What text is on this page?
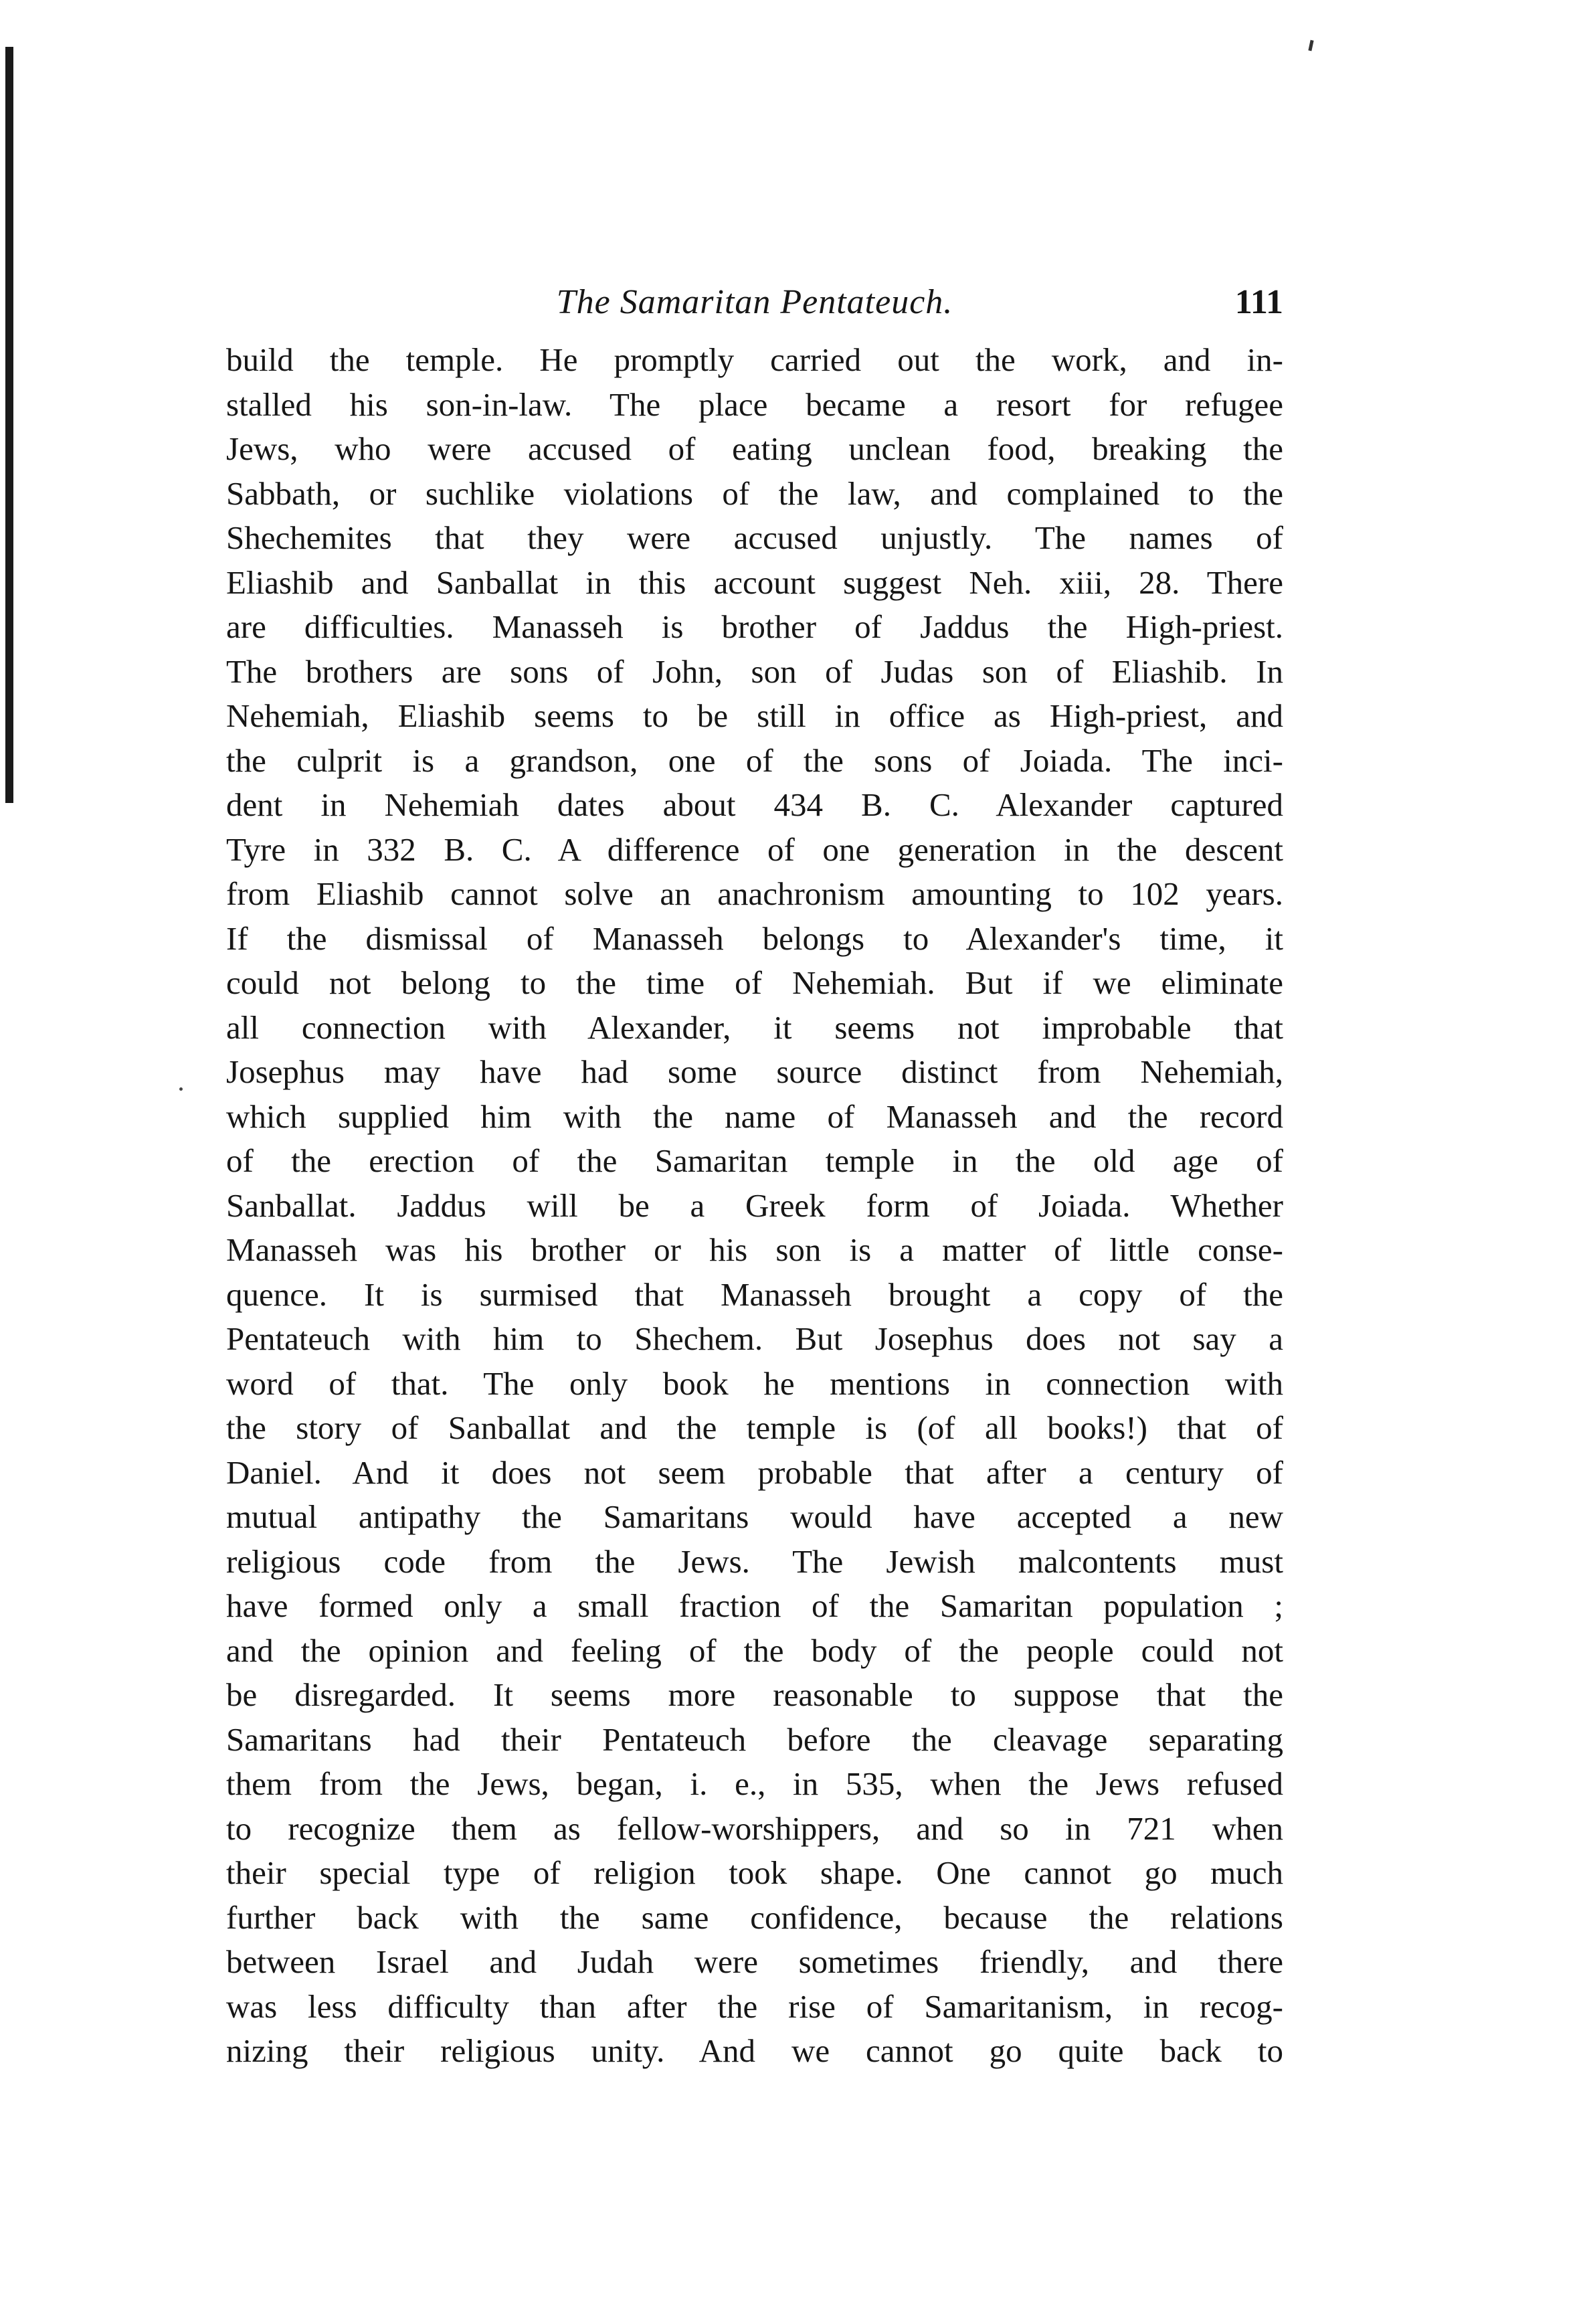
The Samaritan Pentateuch.	111
build the temple. He promptly carried out the work, and in-
stalled his son-in-law. The place became a resort for refugee
Jews, who were accused of eating unclean food, breaking the
Sabbath, or suchlike violations of the law, and complained to the
Shechemites that they were accused unjustly. The names of
Eliashib and Sanballat in this account suggest Neh. xiii, 28. There
are difficulties. Manasseh is brother of Jaddus the High-priest.
The brothers are sons of John, son of Judas son of Eliashib. In
Nehemiah, Eliashib seems to be still in office as High-priest, and
the culprit is a grandson, one of the sons of Joiada. The inci-
dent in Nehemiah dates about 434 B. C. Alexander captured
Tyre in 332 B. C. A difference of one generation in the descent
from Eliashib cannot solve an anachronism amounting to 102 years.
If the dismissal of Manasseh belongs to Alexander's time, it
could not belong to the time of Nehemiah. But if we eliminate
all connection with Alexander, it seems not improbable that
Josephus may have had some source distinct from Nehemiah,
which supplied him with the name of Manasseh and the record
of the erection of the Samaritan temple in the old age of
Sanballat. Jaddus will be a Greek form of Joiada. Whether
Manasseh was his brother or his son is a matter of little conse-
quence. It is surmised that Manasseh brought a copy of the
Pentateuch with him to Shechem. But Josephus does not say a
word of that. The only book he mentions in connection with
the story of Sanballat and the temple is (of all books!) that of
Daniel. And it does not seem probable that after a century of
mutual antipathy the Samaritans would have accepted a new
religious code from the Jews. The Jewish malcontents must
have formed only a small fraction of the Samaritan population ;
and the opinion and feeling of the body of the people could not
be disregarded. It seems more reasonable to suppose that the
Samaritans had their Pentateuch before the cleavage separating
them from the Jews, began, i. e., in 535, when the Jews refused
to recognize them as fellow-worshippers, and so in 721 when
their special type of religion took shape. One cannot go much
further back with the same confidence, because the relations
between Israel and Judah were sometimes friendly, and there
was less difficulty than after the rise of Samaritanism, in recog-
nizing their religious unity. And we cannot go quite back to
